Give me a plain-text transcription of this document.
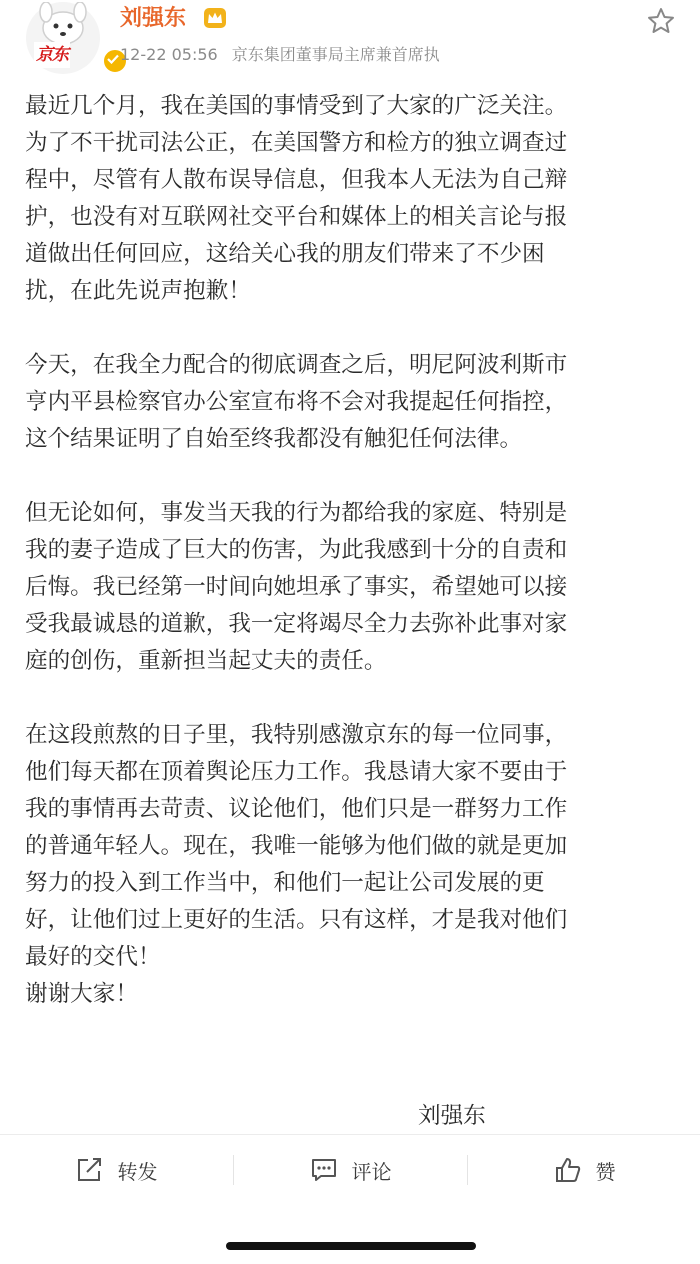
京东
刘强东
12-22 05:56 京东集团董事局主席兼首席执

最近几个月，我在美国的事情受到了大家的广泛关注。
为了不干扰司法公正，在美国警方和检方的独立调查过
程中，尽管有人散布误导信息，但我本人无法为自己辩
护，也没有对互联网社交平台和媒体上的相关言论与报
道做出任何回应，这给关心我的朋友们带来了不少困
扰，在此先说声抱歉！

今天，在我全力配合的彻底调查之后，明尼阿波利斯市
亨内平县检察官办公室宣布将不会对我提起任何指控，
这个结果证明了自始至终我都没有触犯任何法律。

但无论如何，事发当天我的行为都给我的家庭、特别是
我的妻子造成了巨大的伤害，为此我感到十分的自责和
后悔。我已经第一时间向她坦承了事实，希望她可以接
受我最诚恳的道歉，我一定将竭尽全力去弥补此事对家
庭的创伤，重新担当起丈夫的责任。

在这段煎熬的日子里，我特别感激京东的每一位同事，
他们每天都在顶着舆论压力工作。我恳请大家不要由于
我的事情再去苛责、议论他们，他们只是一群努力工作
的普通年轻人。现在，我唯一能够为他们做的就是更加
努力的投入到工作当中，和他们一起让公司发展的更
好，让他们过上更好的生活。只有这样，才是我对他们
最好的交代！
谢谢大家！

刘强东
转发	评论	赞
